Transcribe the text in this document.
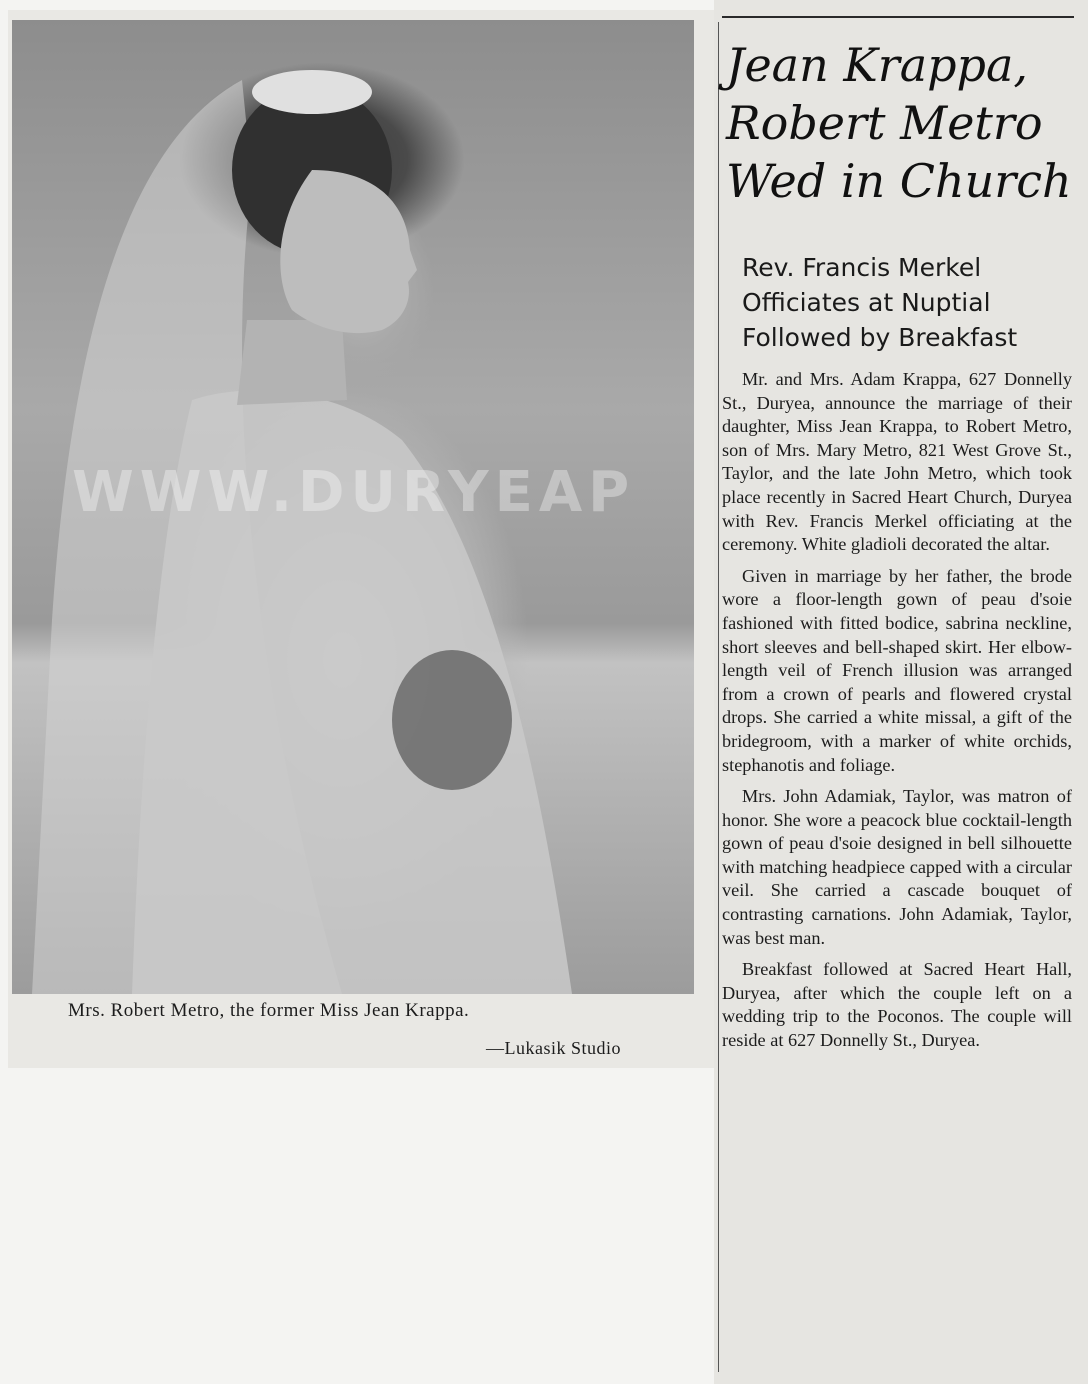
WWW.DURYEAP
Mrs. Robert Metro, the former Miss Jean Krappa.
—Lukasik Studio
Jean Krappa,
Robert Metro
Wed in Church
Rev. Francis Merkel
Officiates at Nuptial
Followed by Breakfast

Mr. and Mrs. Adam Krappa, 627 Donnelly St., Duryea, announce the marriage of their daughter, Miss Jean Krappa, to Robert Metro, son of Mrs. Mary Metro, 821 West Grove St., Taylor, and the late John Metro, which took place recently in Sacred Heart Church, Duryea with Rev. Francis Merkel officiating at the ceremony. White gladioli decorated the altar.

Given in marriage by her father, the brode wore a floor-length gown of peau d'soie fashioned with fitted bodice, sabrina neckline, short sleeves and bell-shaped skirt. Her elbow-length veil of French illusion was arranged from a crown of pearls and flowered crystal drops. She carried a white missal, a gift of the bridegroom, with a marker of white orchids, stephanotis and foliage.

Mrs. John Adamiak, Taylor, was matron of honor. She wore a peacock blue cocktail-length gown of peau d'soie designed in bell silhouette with matching headpiece capped with a circular veil. She carried a cascade bouquet of contrasting carnations. John Adamiak, Taylor, was best man.

Breakfast followed at Sacred Heart Hall, Duryea, after which the couple left on a wedding trip to the Poconos. The couple will reside at 627 Donnelly St., Duryea.
